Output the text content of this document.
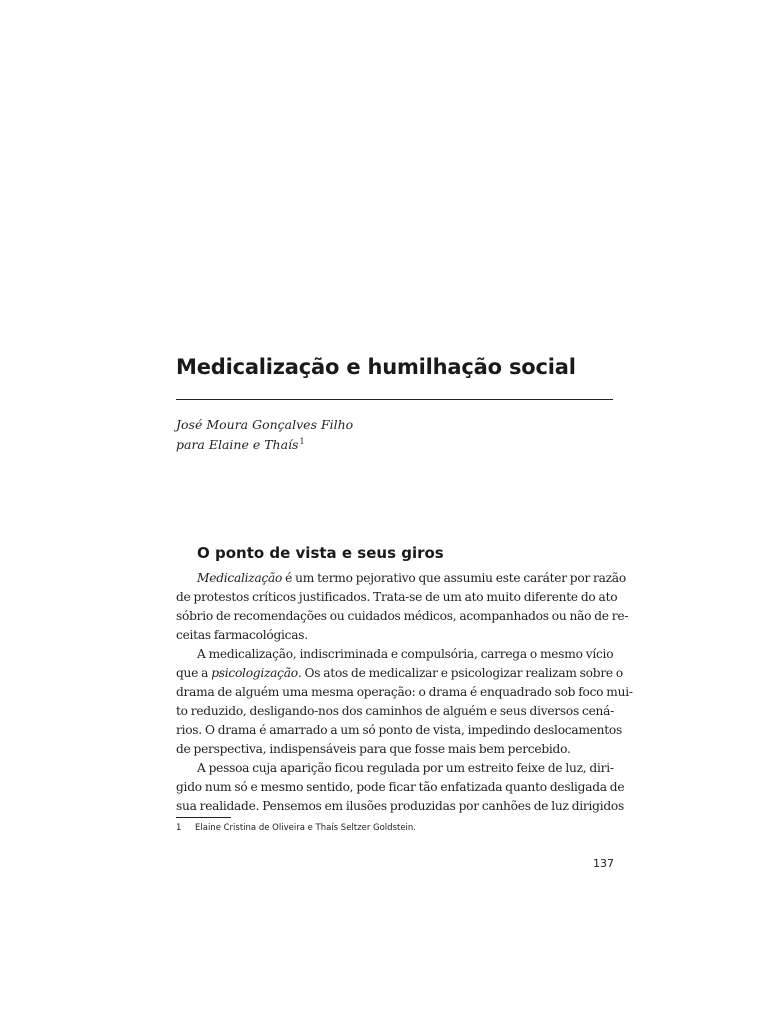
Medicalização e humilhação social
José Moura Gonçalves Filho
para Elaine e Thaís$^1$
O ponto de vista e seus giros
Medicalização é um termo pejorativo que assumiu este caráter por razão
de protestos críticos justificados. Trata-se de um ato muito diferente do ato
sóbrio de recomendações ou cuidados médicos, acompanhados ou não de re-
ceitas farmacológicas.
A medicalização, indiscriminada e compulsória, carrega o mesmo vício
que a psicologização. Os atos de medicalizar e psicologizar realizam sobre o
drama de alguém uma mesma operação: o drama é enquadrado sob foco mui-
to reduzido, desligando-nos dos caminhos de alguém e seus diversos cená-
rios. O drama é amarrado a um só ponto de vista, impedindo deslocamentos
de perspectiva, indispensáveis para que fosse mais bem percebido.
A pessoa cuja aparição ficou regulada por um estreito feixe de luz, diri-
gido num só e mesmo sentido, pode ficar tão enfatizada quanto desligada de
sua realidade. Pensemos em ilusões produzidas por canhões de luz dirigidos
1 Elaine Cristina de Oliveira e Thaís Seltzer Goldstein.
137
